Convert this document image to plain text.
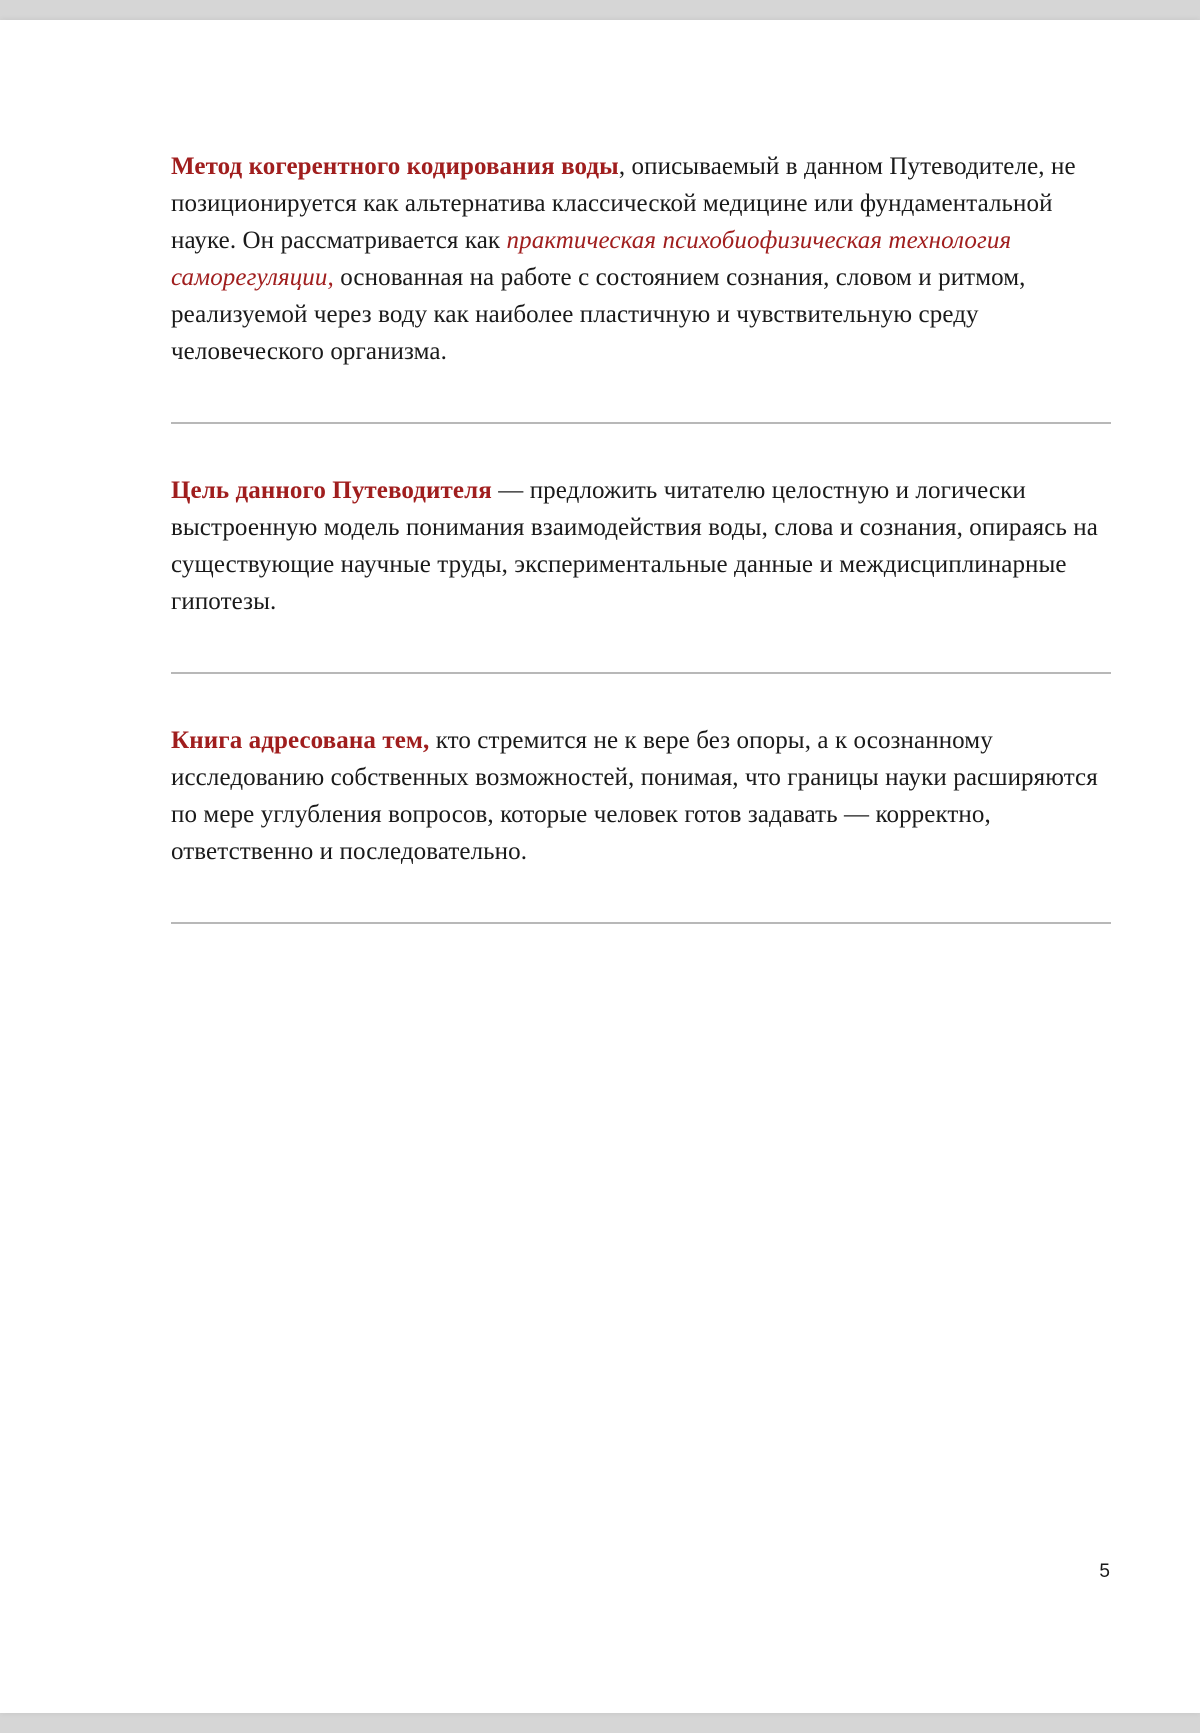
Метод когерентного кодирования воды, описываемый в данном Путеводителе, не позиционируется как альтернатива классической медицине или фундаментальной науке. Он рассматривается как практическая психобиофизическая технология саморегуляции, основанная на работе с состоянием сознания, словом и ритмом, реализуемой через воду как наиболее пластичную и чувствительную среду человеческого организма.

Цель данного Путеводителя — предложить читателю целостную и логически выстроенную модель понимания взаимодействия воды, слова и сознания, опираясь на существующие научные труды, экспериментальные данные и междисциплинарные гипотезы.

Книга адресована тем, кто стремится не к вере без опоры, а к осознанному исследованию собственных возможностей, понимая, что границы науки расширяются по мере углубления вопросов, которые человек готов задавать — корректно, ответственно и последовательно.

5
